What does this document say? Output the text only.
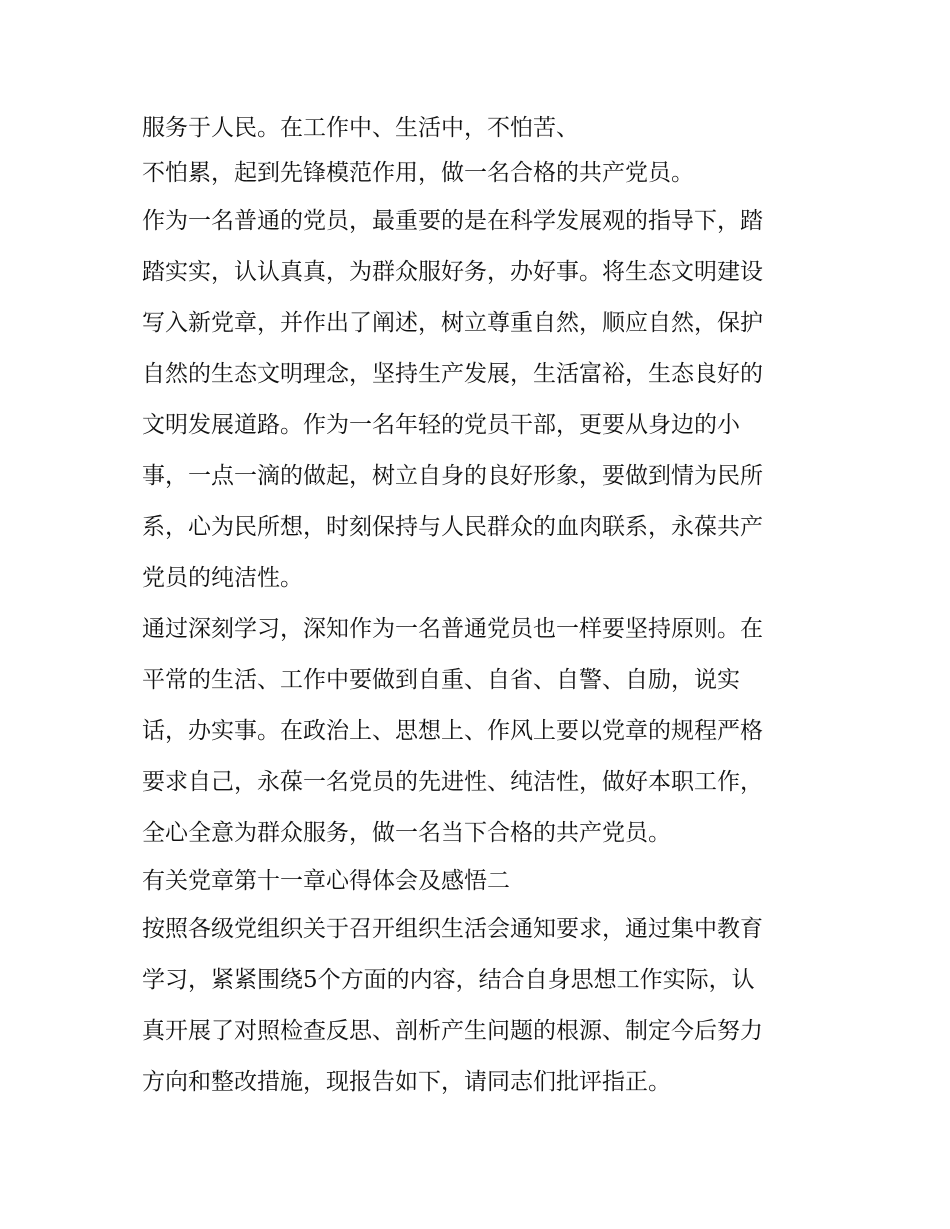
服务于人民。在工作中、生活中，不怕苦、
不怕累，起到先锋模范作用，做一名合格的共产党员。
作为一名普通的党员，最重要的是在科学发展观的指导下，踏
踏实实，认认真真，为群众服好务，办好事。将生态文明建设
写入新党章，并作出了阐述，树立尊重自然，顺应自然，保护
自然的生态文明理念，坚持生产发展，生活富裕，生态良好的
文明发展道路。作为一名年轻的党员干部，更要从身边的小
事，一点一滴的做起，树立自身的良好形象，要做到情为民所
系，心为民所想，时刻保持与人民群众的血肉联系，永葆共产
党员的纯洁性。
通过深刻学习，深知作为一名普通党员也一样要坚持原则。在
平常的生活、工作中要做到自重、自省、自警、自励，说实
话，办实事。在政治上、思想上、作风上要以党章的规程严格
要求自己，永葆一名党员的先进性、纯洁性，做好本职工作，
全心全意为群众服务，做一名当下合格的共产党员。
有关党章第十一章心得体会及感悟二
按照各级党组织关于召开组织生活会通知要求，通过集中教育
学习，紧紧围绕5个方面的内容，结合自身思想工作实际，认
真开展了对照检查反思、剖析产生问题的根源、制定今后努力
方向和整改措施，现报告如下，请同志们批评指正。
